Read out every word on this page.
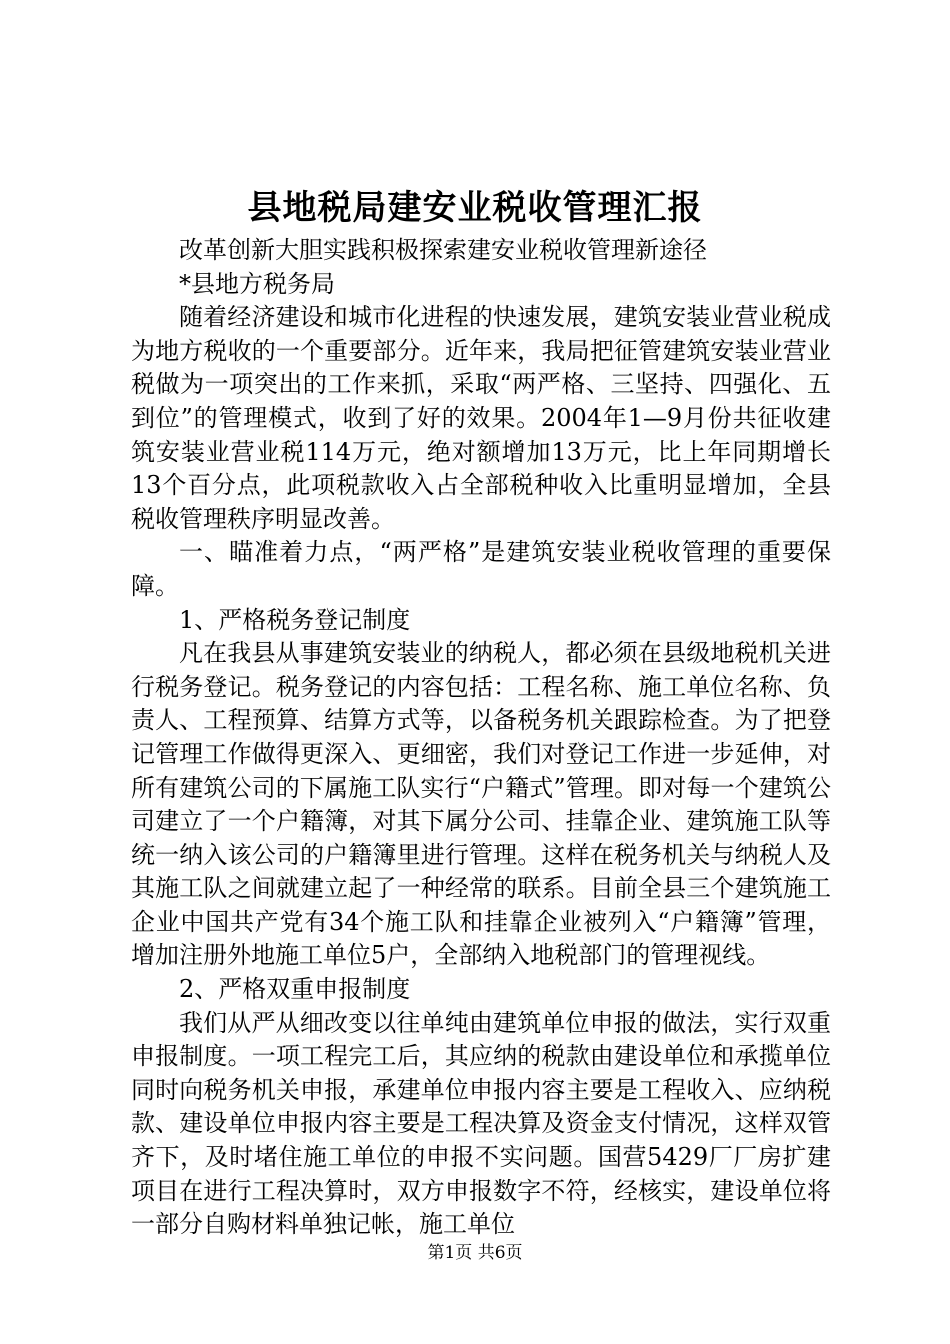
县地税局建安业税收管理汇报

改革创新大胆实践积极探索建安业税收管理新途径

*县地方税务局

随着经济建设和城市化进程的快速发展，建筑安装业营业税成为地方税收的一个重要部分。近年来，我局把征管建筑安装业营业税做为一项突出的工作来抓，采取“两严格、三坚持、四强化、五到位”的管理模式，收到了好的效果。2004年1—9月份共征收建筑安装业营业税114万元，绝对额增加13万元，比上年同期增长13个百分点，此项税款收入占全部税种收入比重明显增加，全县税收管理秩序明显改善。

一、瞄准着力点，“两严格”是建筑安装业税收管理的重要保障。

1、严格税务登记制度

凡在我县从事建筑安装业的纳税人，都必须在县级地税机关进行税务登记。税务登记的内容包括：工程名称、施工单位名称、负责人、工程预算、结算方式等，以备税务机关跟踪检查。为了把登记管理工作做得更深入、更细密，我们对登记工作进一步延伸，对所有建筑公司的下属施工队实行“户籍式”管理。即对每一个建筑公司建立了一个户籍簿，对其下属分公司、挂靠企业、建筑施工队等统一纳入该公司的户籍簿里进行管理。这样在税务机关与纳税人及其施工队之间就建立起了一种经常的联系。目前全县三个建筑施工企业中国共产党有34个施工队和挂靠企业被列入“户籍簿”管理，增加注册外地施工单位5户，全部纳入地税部门的管理视线。

2、严格双重申报制度

我们从严从细改变以往单纯由建筑单位申报的做法，实行双重申报制度。一项工程完工后，其应纳的税款由建设单位和承揽单位同时向税务机关申报，承建单位申报内容主要是工程收入、应纳税款、建设单位申报内容主要是工程决算及资金支付情况，这样双管齐下，及时堵住施工单位的申报不实问题。国营5429厂厂房扩建项目在进行工程决算时，双方申报数字不符，经核实，建设单位将一部分自购材料单独记帐，施工单位

第1页 共6页
